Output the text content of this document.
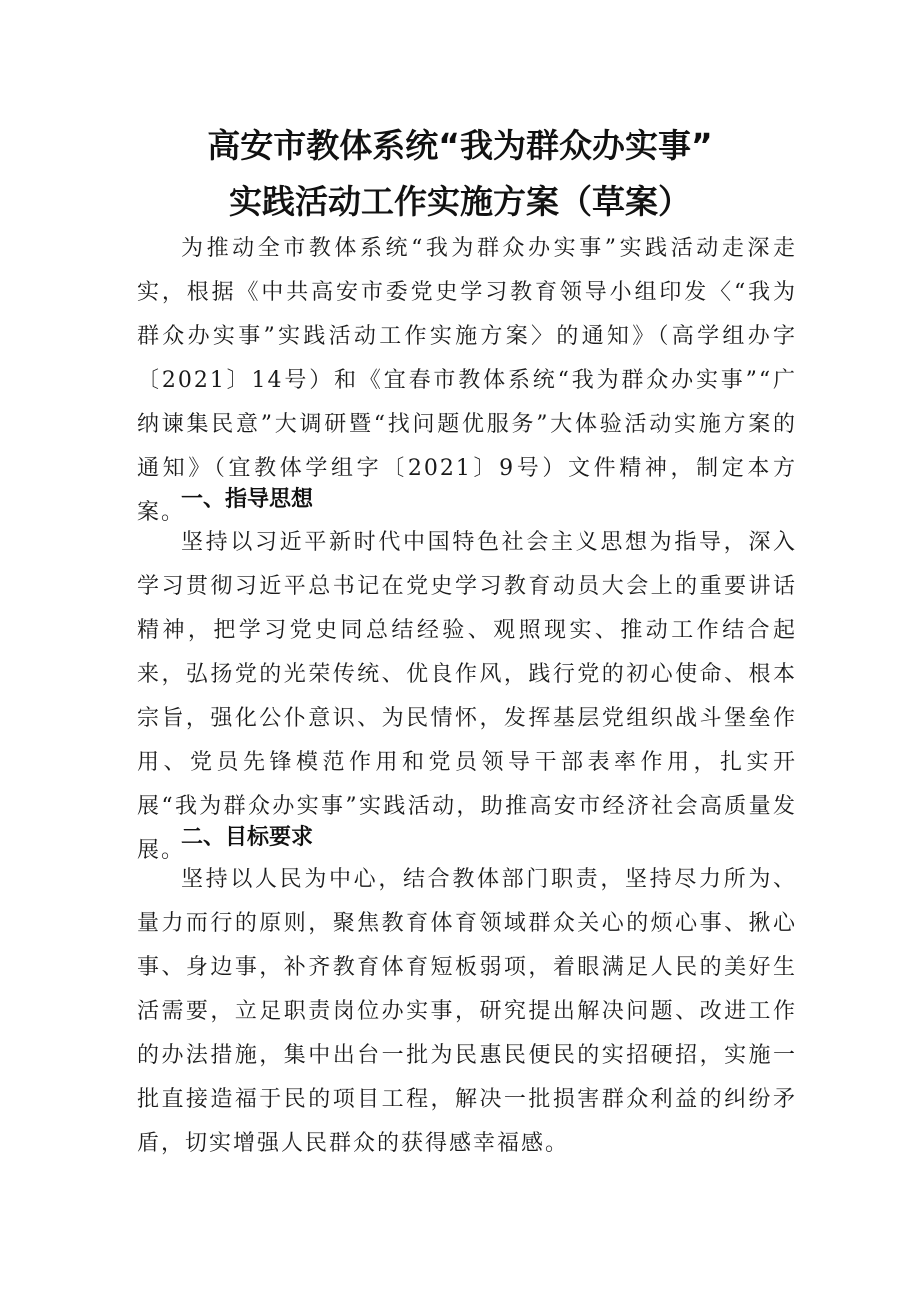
高安市教体系统“我为群众办实事”
实践活动工作实施方案（草案）

为推动全市教体系统“我为群众办实事”实践活动走深走实，根据《中共高安市委党史学习教育领导小组印发〈“我为群众办实事”实践活动工作实施方案〉的通知》（高学组办字〔2021〕14号）和《宜春市教体系统“我为群众办实事”“广纳谏集民意”大调研暨“找问题优服务”大体验活动实施方案的通知》（宜教体学组字〔2021〕9号）文件精神，制定本方案。

一、指导思想

坚持以习近平新时代中国特色社会主义思想为指导，深入学习贯彻习近平总书记在党史学习教育动员大会上的重要讲话精神，把学习党史同总结经验、观照现实、推动工作结合起来，弘扬党的光荣传统、优良作风，践行党的初心使命、根本宗旨，强化公仆意识、为民情怀，发挥基层党组织战斗堡垒作用、党员先锋模范作用和党员领导干部表率作用，扎实开展“我为群众办实事”实践活动，助推高安市经济社会高质量发展。

二、目标要求

坚持以人民为中心，结合教体部门职责，坚持尽力所为、量力而行的原则，聚焦教育体育领域群众关心的烦心事、揪心事、身边事，补齐教育体育短板弱项，着眼满足人民的美好生活需要，立足职责岗位办实事，研究提出解决问题、改进工作的办法措施，集中出台一批为民惠民便民的实招硬招，实施一批直接造福于民的项目工程，解决一批损害群众利益的纠纷矛盾，切实增强人民群众的获得感幸福感。
